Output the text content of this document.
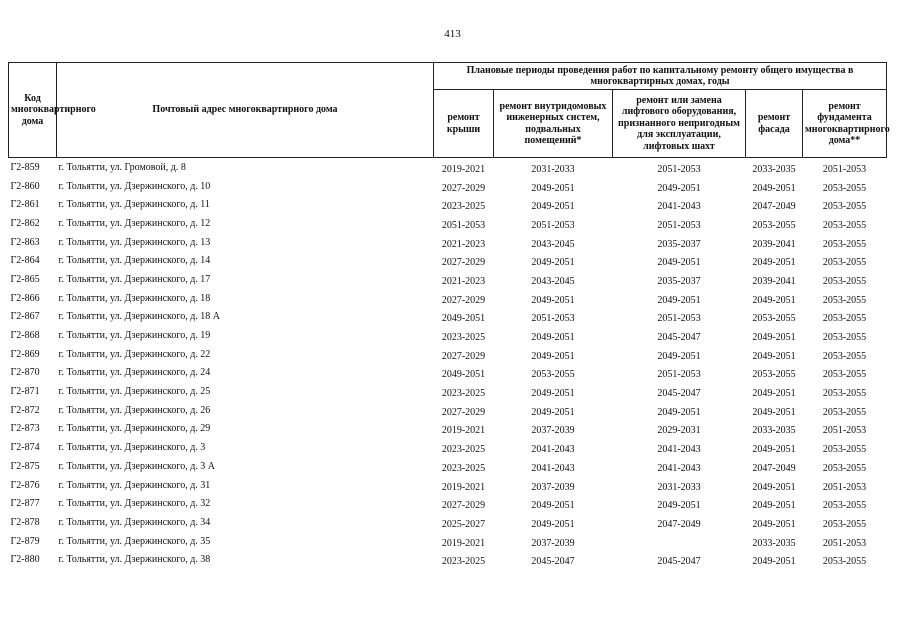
413
Код многоквартирного дома	Почтовый адрес многоквартирного дома	Плановые периоды проведения работ по капитальному ремонту общего имущества в многоквартирных домах, годы				
		ремонт крыши	ремонт внутридомовых инженерных систем, подвальных помещений*	ремонт или замена лифтового оборудования, признанного непригодным для эксплуатации, лифтовых шахт	ремонт фасада	ремонт фундамента многоквартирного дома**
Г2-859	г. Тольятти, ул. Громовой, д. 8	2019-2021	2031-2033	2051-2053	2033-2035	2051-2053
Г2-860	г. Тольятти, ул. Дзержинского, д. 10	2027-2029	2049-2051	2049-2051	2049-2051	2053-2055
Г2-861	г. Тольятти, ул. Дзержинского, д. 11	2023-2025	2049-2051	2041-2043	2047-2049	2053-2055
Г2-862	г. Тольятти, ул. Дзержинского, д. 12	2051-2053	2051-2053	2051-2053	2053-2055	2053-2055
Г2-863	г. Тольятти, ул. Дзержинского, д. 13	2021-2023	2043-2045	2035-2037	2039-2041	2053-2055
Г2-864	г. Тольятти, ул. Дзержинского, д. 14	2027-2029	2049-2051	2049-2051	2049-2051	2053-2055
Г2-865	г. Тольятти, ул. Дзержинского, д. 17	2021-2023	2043-2045	2035-2037	2039-2041	2053-2055
Г2-866	г. Тольятти, ул. Дзержинского, д. 18	2027-2029	2049-2051	2049-2051	2049-2051	2053-2055
Г2-867	г. Тольятти, ул. Дзержинского, д. 18 А	2049-2051	2051-2053	2051-2053	2053-2055	2053-2055
Г2-868	г. Тольятти, ул. Дзержинского, д. 19	2023-2025	2049-2051	2045-2047	2049-2051	2053-2055
Г2-869	г. Тольятти, ул. Дзержинского, д. 22	2027-2029	2049-2051	2049-2051	2049-2051	2053-2055
Г2-870	г. Тольятти, ул. Дзержинского, д. 24	2049-2051	2053-2055	2051-2053	2053-2055	2053-2055
Г2-871	г. Тольятти, ул. Дзержинского, д. 25	2023-2025	2049-2051	2045-2047	2049-2051	2053-2055
Г2-872	г. Тольятти, ул. Дзержинского, д. 26	2027-2029	2049-2051	2049-2051	2049-2051	2053-2055
Г2-873	г. Тольятти, ул. Дзержинского, д. 29	2019-2021	2037-2039	2029-2031	2033-2035	2051-2053
Г2-874	г. Тольятти, ул. Дзержинского, д. 3	2023-2025	2041-2043	2041-2043	2049-2051	2053-2055
Г2-875	г. Тольятти, ул. Дзержинского, д. 3 А	2023-2025	2041-2043	2041-2043	2047-2049	2053-2055
Г2-876	г. Тольятти, ул. Дзержинского, д. 31	2019-2021	2037-2039	2031-2033	2049-2051	2051-2053
Г2-877	г. Тольятти, ул. Дзержинского, д. 32	2027-2029	2049-2051	2049-2051	2049-2051	2053-2055
Г2-878	г. Тольятти, ул. Дзержинского, д. 34	2025-2027	2049-2051	2047-2049	2049-2051	2053-2055
Г2-879	г. Тольятти, ул. Дзержинского, д. 35	2019-2021	2037-2039		2033-2035	2051-2053
Г2-880	г. Тольятти, ул. Дзержинского, д. 38	2023-2025	2045-2047	2045-2047	2049-2051	2053-2055
